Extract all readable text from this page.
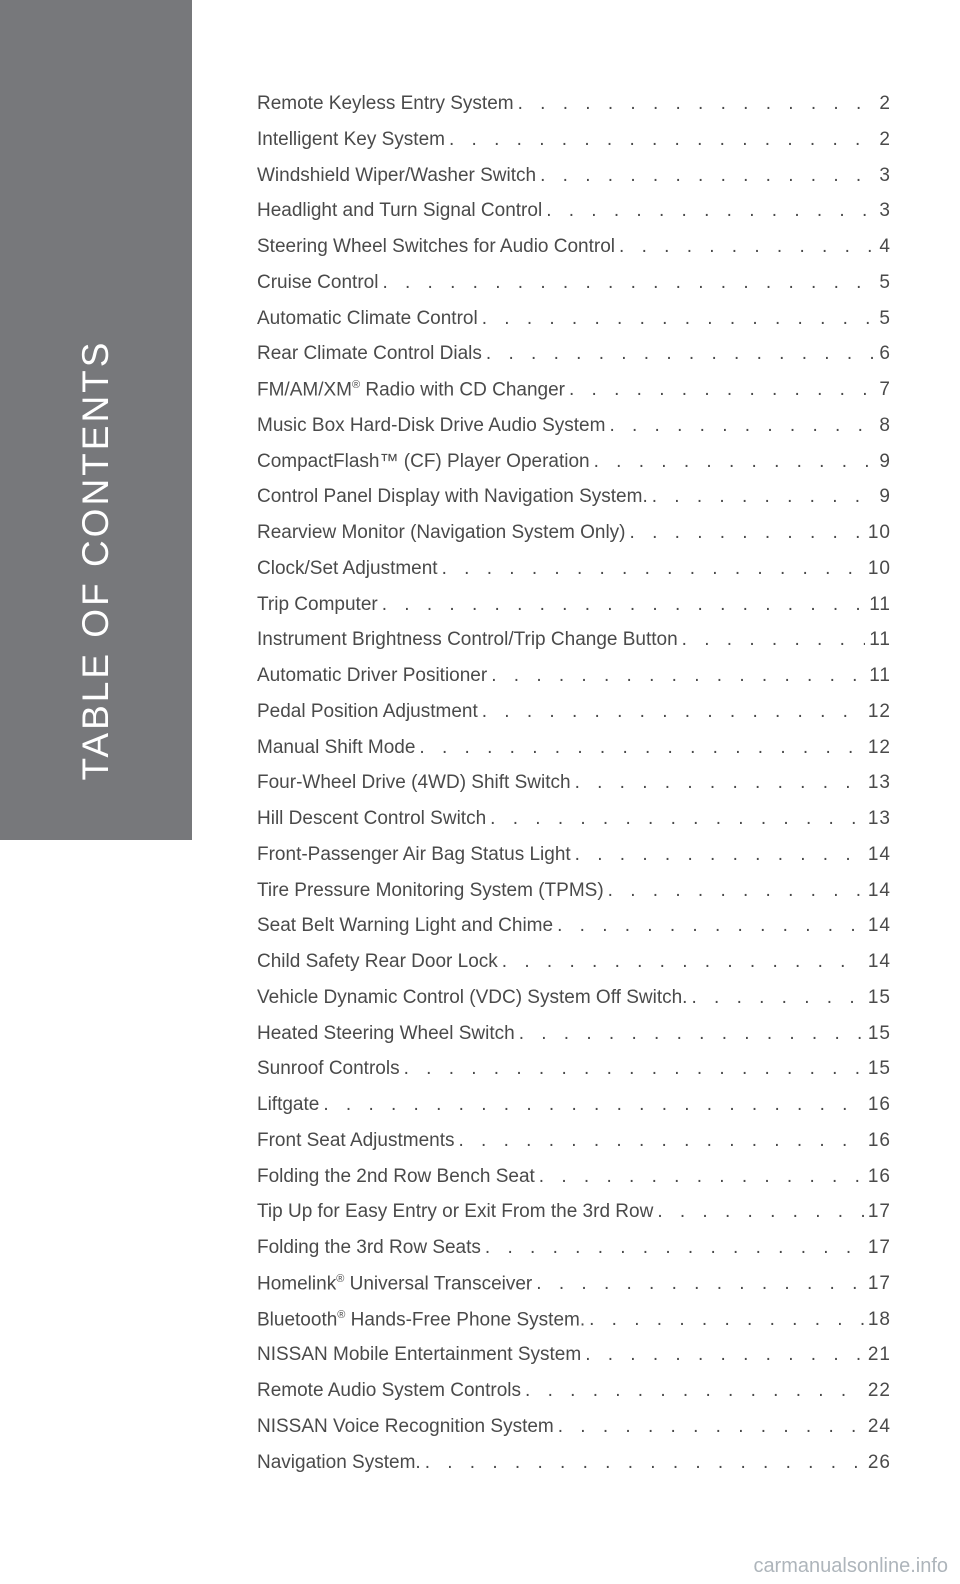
TABLE OF CONTENTS
Remote Keyless Entry System . . .	2
Intelligent Key System . . .	2
Windshield Wiper/Washer Switch . . .	3
Headlight and Turn Signal Control . . .	3
Steering Wheel Switches for Audio Control . . .	4
Cruise Control . . .	5
Automatic Climate Control . . .	5
Rear Climate Control Dials . . .	6
FM/AM/XM® Radio with CD Changer . . .	7
Music Box Hard-Disk Drive Audio System . . .	8
CompactFlash™ (CF) Player Operation . . .	9
Control Panel Display with Navigation System. . . .	9
Rearview Monitor (Navigation System Only) . . .	10
Clock/Set Adjustment . . .	10
Trip Computer . . .	11
Instrument Brightness Control/Trip Change Button . . .	11
Automatic Driver Positioner . . .	11
Pedal Position Adjustment . . .	12
Manual Shift Mode . . .	12
Four-Wheel Drive (4WD) Shift Switch . . .	13
Hill Descent Control Switch . . .	13
Front-Passenger Air Bag Status Light . . .	14
Tire Pressure Monitoring System (TPMS) . . .	14
Seat Belt Warning Light and Chime . . .	14
Child Safety Rear Door Lock . . .	14
Vehicle Dynamic Control (VDC) System Off Switch. . . .	15
Heated Steering Wheel Switch . . .	15
Sunroof Controls . . .	15
Liftgate . . .	16
Front Seat Adjustments . . .	16
Folding the 2nd Row Bench Seat . . .	16
Tip Up for Easy Entry or Exit From the 3rd Row . . .	17
Folding the 3rd Row Seats . . .	17
Homelink® Universal Transceiver . . .	17
Bluetooth® Hands-Free Phone System. . . .	18
NISSAN Mobile Entertainment System . . .	21
Remote Audio System Controls . . .	22
NISSAN Voice Recognition System . . .	24
Navigation System. . . .	26
carmanualsonline.info
